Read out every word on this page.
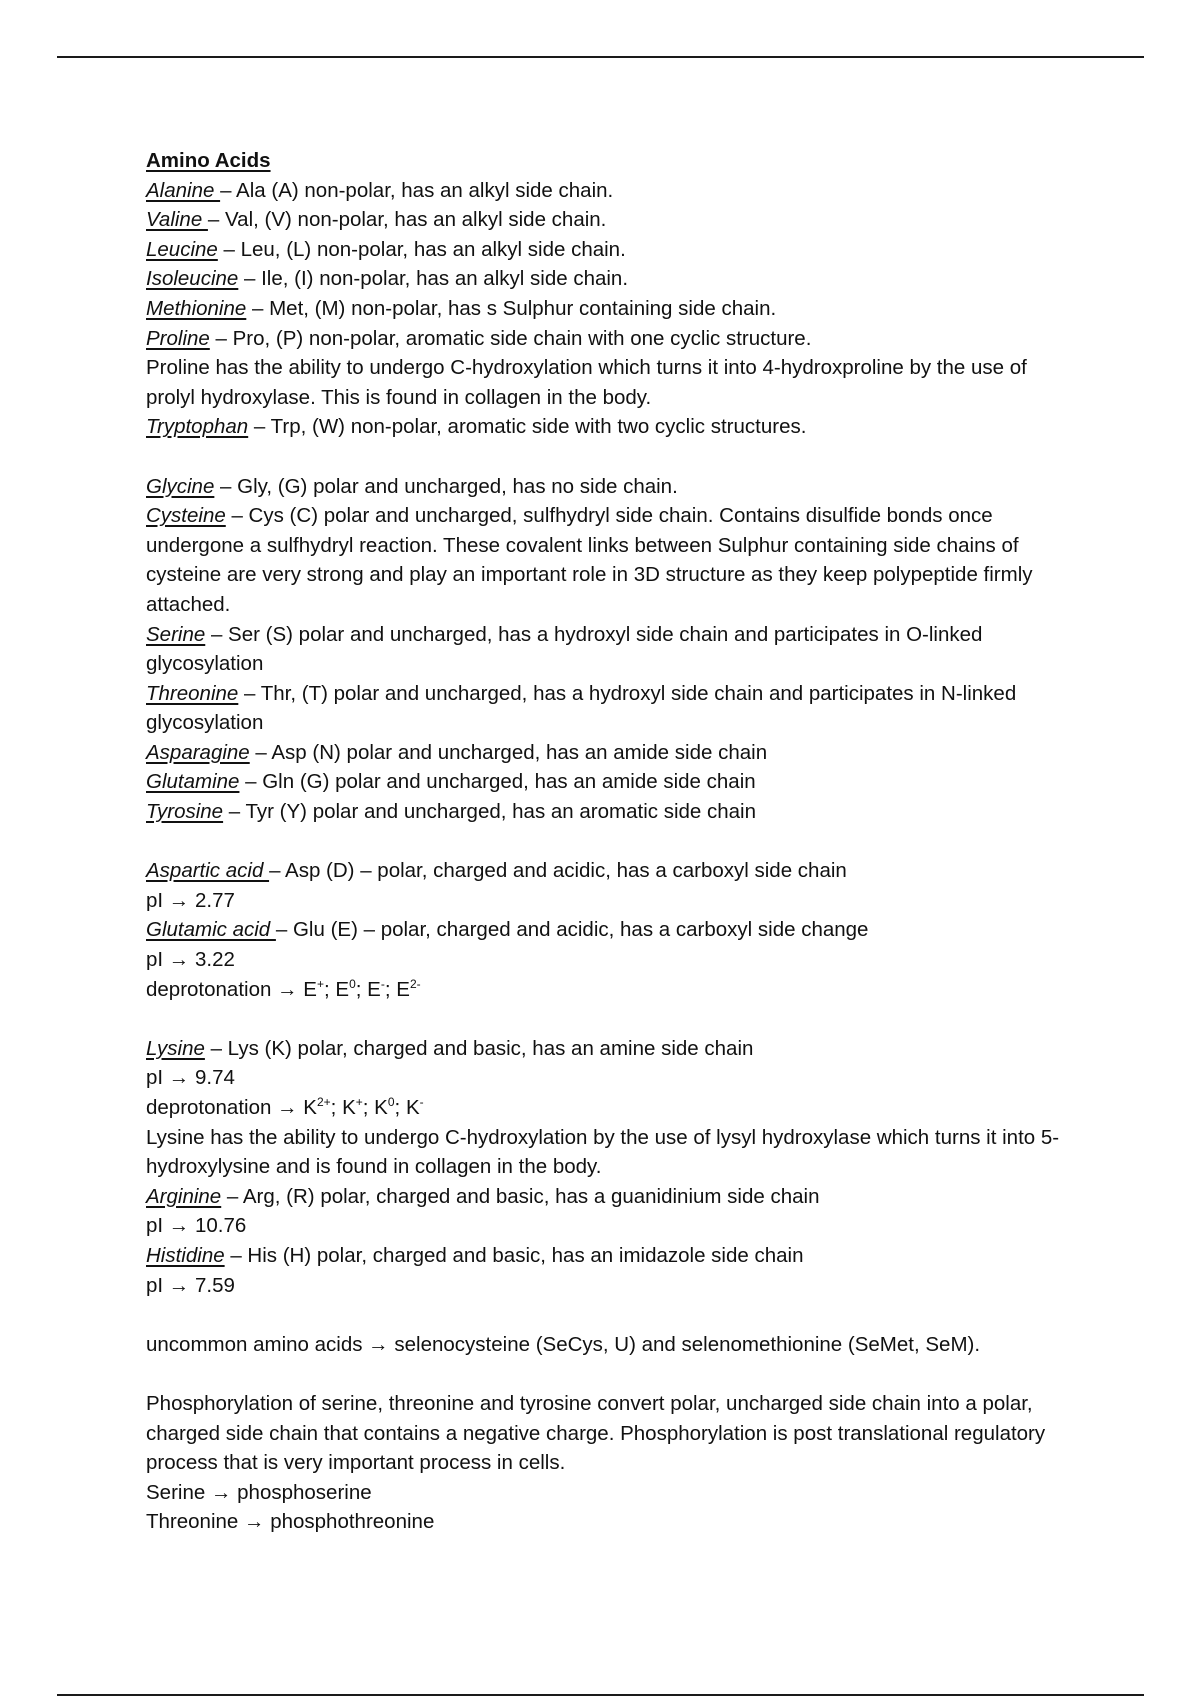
Amino Acids
Alanine – Ala (A) non-polar, has an alkyl side chain.
Valine – Val, (V) non-polar, has an alkyl side chain.
Leucine – Leu, (L) non-polar, has an alkyl side chain.
Isoleucine – Ile, (I) non-polar, has an alkyl side chain.
Methionine – Met, (M) non-polar, has s Sulphur containing side chain.
Proline – Pro, (P) non-polar, aromatic side chain with one cyclic structure.
Proline has the ability to undergo C-hydroxylation which turns it into 4-hydroxproline by the use of prolyl hydroxylase. This is found in collagen in the body.
Tryptophan – Trp, (W) non-polar, aromatic side with two cyclic structures.
Glycine – Gly, (G) polar and uncharged, has no side chain.
Cysteine – Cys (C) polar and uncharged, sulfhydryl side chain. Contains disulfide bonds once undergone a sulfhydryl reaction. These covalent links between Sulphur containing side chains of cysteine are very strong and play an important role in 3D structure as they keep polypeptide firmly attached.
Serine – Ser (S) polar and uncharged, has a hydroxyl side chain and participates in O-linked glycosylation
Threonine – Thr, (T) polar and uncharged, has a hydroxyl side chain and participates in N-linked glycosylation
Asparagine – Asp (N) polar and uncharged, has an amide side chain
Glutamine – Gln (G) polar and uncharged, has an amide side chain
Tyrosine – Tyr (Y) polar and uncharged, has an aromatic side chain
Aspartic acid – Asp (D) – polar, charged and acidic, has a carboxyl side chain
pI → 2.77
Glutamic acid – Glu (E) – polar, charged and acidic, has a carboxyl side change
pI → 3.22
deprotonation → E+; $E^0$; E-; $E^{2-}$
Lysine – Lys (K) polar, charged and basic, has an amine side chain
pI → 9.74
deprotonation → $K^{2+}$; K+; $K^0$; K-
Lysine has the ability to undergo C-hydroxylation by the use of lysyl hydroxylase which turns it into 5-hydroxylysine and is found in collagen in the body.
Arginine – Arg, (R) polar, charged and basic, has a guanidinium side chain
pI → 10.76
Histidine – His (H) polar, charged and basic, has an imidazole side chain
pI → 7.59
uncommon amino acids → selenocysteine (SeCys, U) and selenomethionine (SeMet, SeM).
Phosphorylation of serine, threonine and tyrosine convert polar, uncharged side chain into a polar, charged side chain that contains a negative charge. Phosphorylation is post translational regulatory process that is very important process in cells.
Serine → phosphoserine
Threonine → phosphothreonine
